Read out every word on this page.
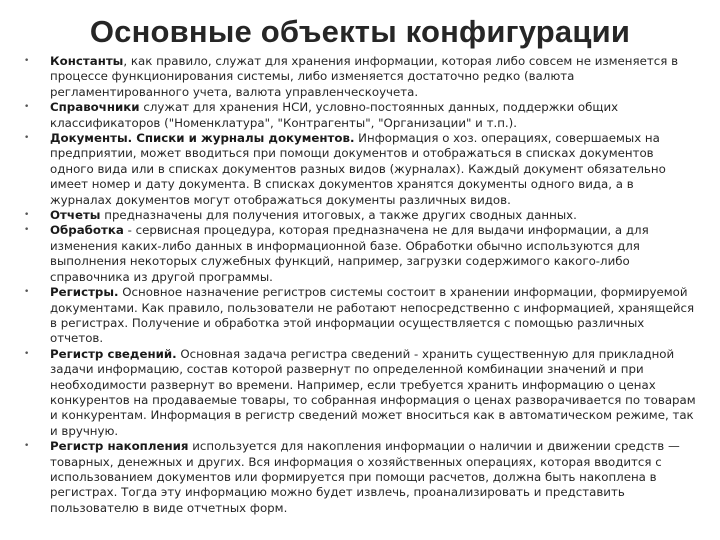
Основные объекты конфигурации
• Константы, как правило, служат для хранения информации, которая либо совсем не изменяется в процессе функционирования системы, либо изменяется достаточно редко (валюта регламентированного учета, валюта управленческоучета.
• Справочники служат для хранения НСИ, условно-постоянных данных, поддержки общих классификаторов ("Номенклатура", "Контрагенты", "Организации" и т.п.).
• Документы. Списки и журналы документов. Информация о хоз. операциях, совершаемых на предприятии, может вводиться при помощи документов и отображаться в списках документов одного вида или в списках документов разных видов (журналах). Каждый документ обязательно имеет номер и дату документа. В списках документов хранятся документы одного вида, а в журналах документов могут отображаться документы различных видов.
• Отчеты предназначены для получения итоговых, а также других сводных данных.
• Обработка - сервисная процедура, которая предназначена не для выдачи информации, а для изменения каких-либо данных в информационной базе. Обработки обычно используются для выполнения некоторых служебных функций, например, загрузки содержимого какого-либо справочника из другой программы.
• Регистры. Основное назначение регистров системы состоит в хранении информации, формируемой документами. Как правило, пользователи не работают непосредственно с информацией, хранящейся в регистрах. Получение и обработка этой информации осуществляется с помощью различных отчетов.
• Регистр сведений. Основная задача регистра сведений - хранить существенную для прикладной задачи информацию, состав которой развернут по определенной комбинации значений и при необходимости развернут во времени. Например, если требуется хранить информацию о ценах конкурентов на продаваемые товары, то собранная информация о ценах разворачивается по товарам и конкурентам. Информация в регистр сведений может вноситься как в автоматическом режиме, так и вручную.
• Регистр накопления используется для накопления информации о наличии и движении средств — товарных, денежных и других. Вся информация о хозяйственных операциях, которая вводится с использованием документов или формируется при помощи расчетов, должна быть накоплена в регистрах. Тогда эту информацию можно будет извлечь, проанализировать и представить пользователю в виде отчетных форм.
